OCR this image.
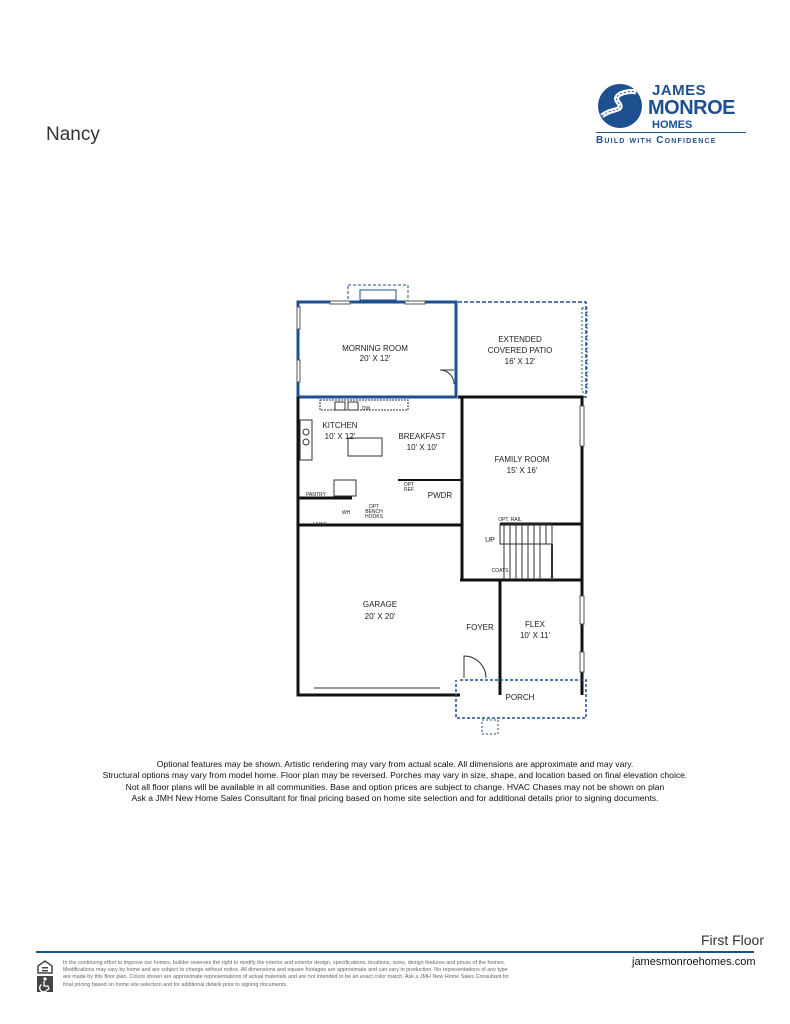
Nancy
JAMES
MONROE
HOMES
Build with Confidence
MORNING ROOM
20' X 12'
EXTENDED
COVERED PATIO
16' X 12'
KITCHEN
10' X 12'	BREAKFAST
10' X 10'
FAMILY ROOM
15' X 16'
GARAGE
20' X 20'
FLEX
10' X 11'
FOYER
PORCH
PWDR
PANTRY
HVAC
WH
DW
OPT
REF
OPT
BENCH
HOOKS	OPT. RAIL
COATS
UP
Optional features may be shown. Artistic rendering may vary from actual scale. All dimensions are approximate and may vary.
Structural options may vary from model home. Floor plan may be reversed. Porches may vary in size, shape, and location based on final elevation choice.
Not all floor plans will be available in all communities. Base and option prices are subject to change. HVAC Chases may not be shown on plan
Ask a JMH New Home Sales Consultant for final pricing based on home site selection and for additional details prior to signing documents.
First Floor
jamesmonroehomes.com
In the continuing effort to improve our homes, builder reserves the right to modify the interior and exterior design, specifications, locations, sizes, design features and prices of the homes.
Modifications may vary by home and are subject to change without notice. All dimensions and square footages are approximate and can vary in production. No representations of any type
are made by this floor plan. Colors shown are approximate representations of actual materials and are not intended to be an exact color match. Ask a JMH New Home Sales Consultant for
final pricing based on home site selection and for additional details prior to signing documents.
